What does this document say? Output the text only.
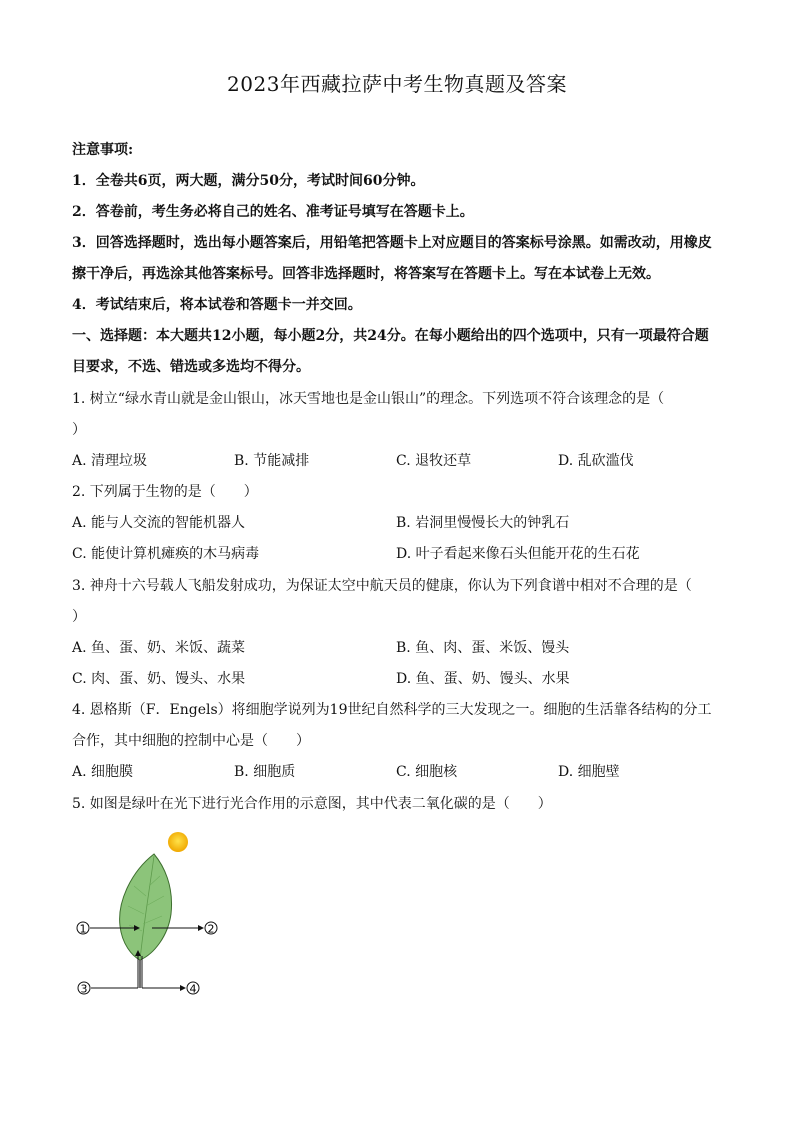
2023年西藏拉萨中考生物真题及答案
注意事项:
1．全卷共6页，两大题，满分50分，考试时间60分钟。
2．答卷前，考生务必将自己的姓名、准考证号填写在答题卡上。
3．回答选择题时，选出每小题答案后，用铅笔把答题卡上对应题目的答案标号涂黑。如需改动，用橡皮
擦干净后，再选涂其他答案标号。回答非选择题时，将答案写在答题卡上。写在本试卷上无效。
4．考试结束后，将本试卷和答题卡一并交回。
一、选择题：本大题共12小题，每小题2分，共24分。在每小题给出的四个选项中，只有一项最符合题
目要求，不选、错选或多选均不得分。
1. 树立“绿水青山就是金山银山，冰天雪地也是金山银山”的理念。下列选项不符合该理念的是（
）
A. 清理垃圾	B. 节能减排	C. 退牧还草	D. 乱砍滥伐
2. 下列属于生物的是（　　）
A. 能与人交流的智能机器人	B. 岩洞里慢慢长大的钟乳石
C. 能使计算机瘫痪的木马病毒	D. 叶子看起来像石头但能开花的生石花
3. 神舟十六号载人飞船发射成功，为保证太空中航天员的健康，你认为下列食谱中相对不合理的是（
）
A. 鱼、蛋、奶、米饭、蔬菜	B. 鱼、肉、蛋、米饭、馒头
C. 肉、蛋、奶、馒头、水果	D. 鱼、蛋、奶、馒头、水果
4. 恩格斯（F．Engels）将细胞学说列为19世纪自然科学的三大发现之一。细胞的生活靠各结构的分工
合作，其中细胞的控制中心是（　　）
A. 细胞膜	B. 细胞质	C. 细胞核	D. 细胞壁
5. 如图是绿叶在光下进行光合作用的示意图，其中代表二氧化碳的是（　　）
1	2
3	4
